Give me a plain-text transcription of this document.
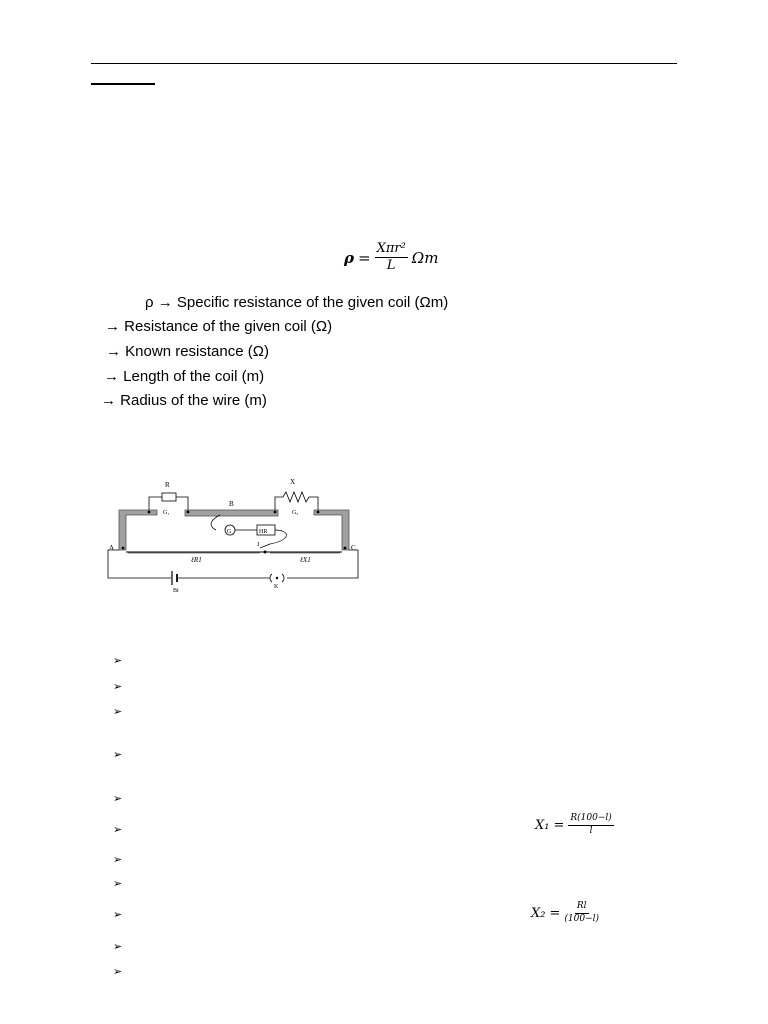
$\rho = \frac{\text{Xπr²}}{L}$ Ωm
ρ → Specific resistance of the given coil (Ωm)
→ Resistance of the given coil (Ω)
→ Known resistance (Ω)
→ Length of the coil (m)
→ Radius of the wire (m)
R	X
B
G₁	G₂
G	HR
J
A	C
ℓR1	ℓX1
Bt
K
➢
➢
➢
➢
➢
➢
➢
➢
➢
➢
➢
$X_1 = \frac{R(100-l)}{l}$
$X_2 = \frac{Rl}{(100-l)}$
